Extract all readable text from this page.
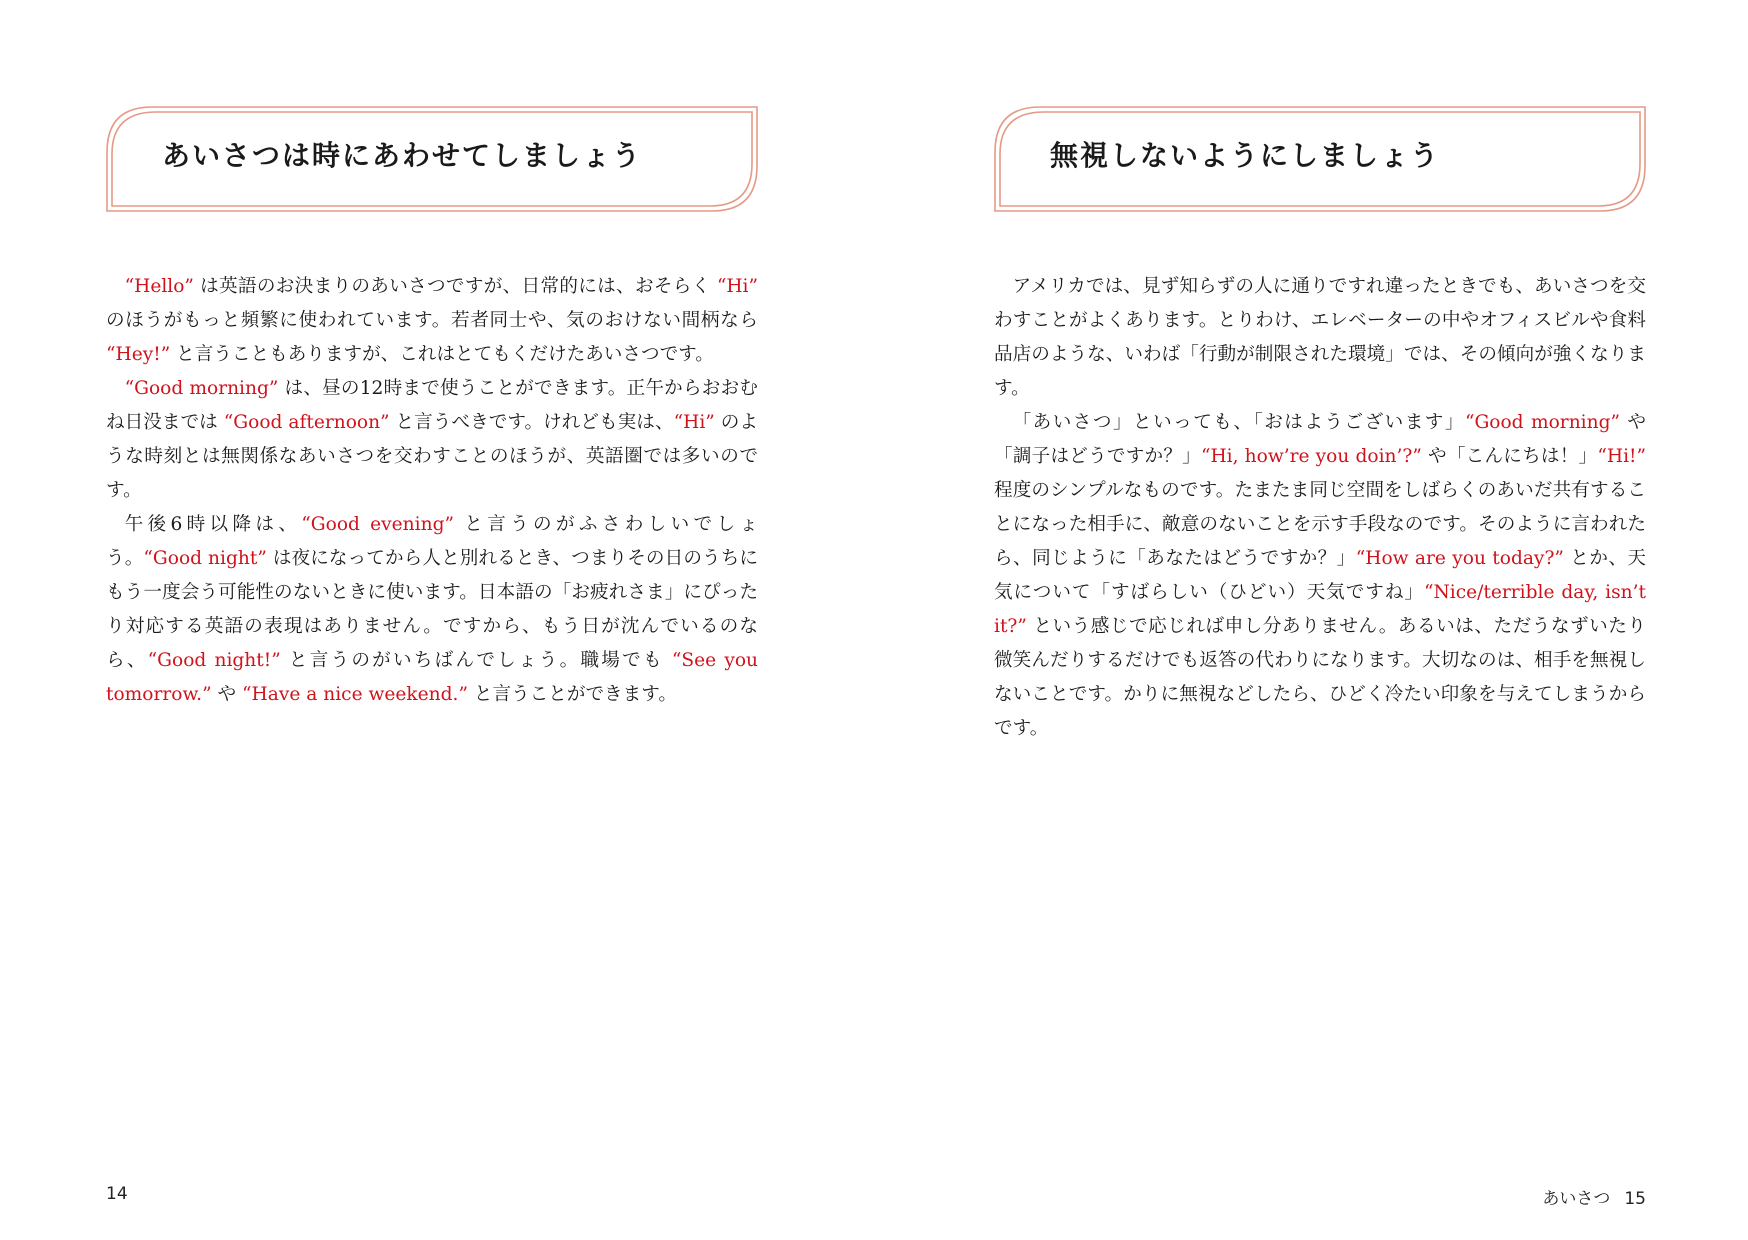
あいさつは時にあわせてしましょう

“Hello” は英語のお決まりのあいさつですが、日常的には、おそらく “Hi” のほうがもっと頻繁に使われています。若者同士や、気のおけない間柄なら “Hey!” と言うこともありますが、これはとてもくだけたあいさつです。

“Good morning” は、昼の12時まで使うことができます。正午からおおむね日没までは “Good afternoon” と言うべきです。けれども実は、“Hi” のような時刻とは無関係なあいさつを交わすことのほうが、英語圏では多いのです。

午後6時以降は、“Good evening” と言うのがふさわしいでしょう。“Good night” は夜になってから人と別れるとき、つまりその日のうちにもう一度会う可能性のないときに使います。日本語の「お疲れさま」にぴったり対応する英語の表現はありません。ですから、もう日が沈んでいるのなら、“Good night!” と言うのがいちばんでしょう。職場でも “See you tomorrow.” や “Have a nice weekend.” と言うことができます。

14
無視しないようにしましょう

アメリカでは、見ず知らずの人に通りですれ違ったときでも、あいさつを交わすことがよくあります。とりわけ、エレベーターの中やオフィスビルや食料品店のような、いわば「行動が制限された環境」では、その傾向が強くなります。

「あいさつ」といっても、「おはようございます」“Good morning” や「調子はどうですか？」“Hi, how’re you doin’?” や「こんにちは！」“Hi!” 程度のシンプルなものです。たまたま同じ空間をしばらくのあいだ共有することになった相手に、敵意のないことを示す手段なのです。そのように言われたら、同じように「あなたはどうですか？」“How are you today?” とか、天気について「すばらしい（ひどい）天気ですね」“Nice/terrible day, isn’t it?” という感じで応じれば申し分ありません。あるいは、ただうなずいたり微笑んだりするだけでも返答の代わりになります。大切なのは、相手を無視しないことです。かりに無視などしたら、ひどく冷たい印象を与えてしまうからです。

あいさつ 15
